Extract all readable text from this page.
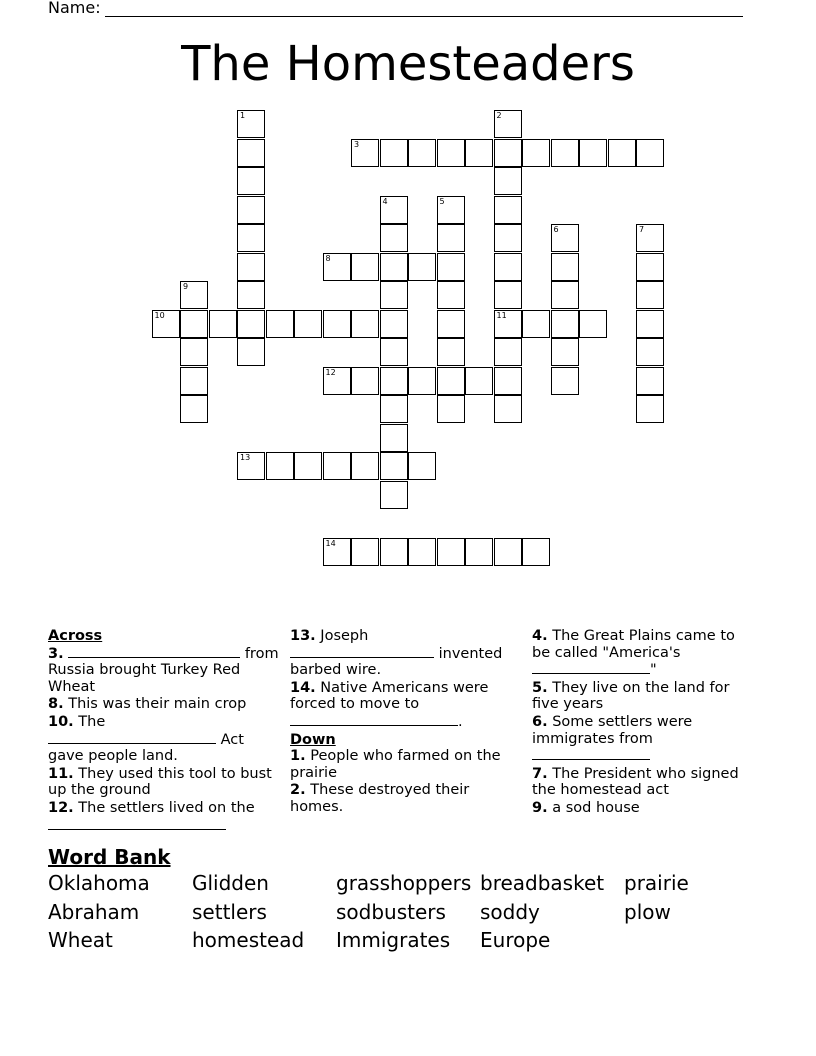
Name:
The Homesteaders
1	2
11
3
4	5
6	7
8
9
10
12
13
14
Across
3.	from Russia brought Turkey Red Wheat
8. This was their main crop
10. The
Act gave people land.
11. They used this tool to bust up the ground
12. The settlers lived on the

13. Joseph
invented barbed wire.
14. Native Americans were forced to move to.
Down
1. People who farmed on the prairie
2. These destroyed their homes.
4. The Great Plains came to be called "America's
"
5. They live on the land for five years
6. Some settlers were immigrates from

7. The President who signed the homestead act
9. a sod house
Word Bank
Oklahoma	Glidden	grasshoppers breadbasket prairie
Abraham	settlers	sodbusters	soddy	plow
Wheat	homestead	Immigrates	Europe
